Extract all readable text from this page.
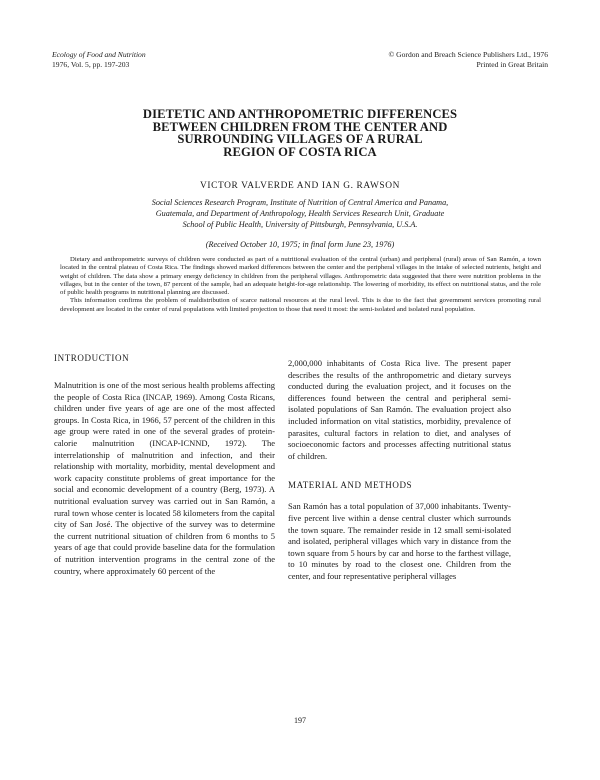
Ecology of Food and Nutrition
1976, Vol. 5, pp. 197-203
© Gordon and Breach Science Publishers Ltd., 1976
Printed in Great Britain
DIETETIC AND ANTHROPOMETRIC DIFFERENCES
BETWEEN CHILDREN FROM THE CENTER AND
SURROUNDING VILLAGES OF A RURAL
REGION OF COSTA RICA
VICTOR VALVERDE AND IAN G. RAWSON
Social Sciences Research Program, Institute of Nutrition of Central America and Panama,
Guatemala, and Department of Anthropology, Health Services Research Unit, Graduate
School of Public Health, University of Pittsburgh, Pennsylvania, U.S.A.
(Received October 10, 1975; in final form June 23, 1976)

Dietary and anthropometric surveys of children were conducted as part of a nutritional evaluation of the central (urban) and peripheral (rural) areas of San Ramón, a town located in the central plateau of Costa Rica. The findings showed marked differences between the center and the peripheral villages in the intake of selected nutrients, height and weight of children. The data show a primary energy deficiency in children from the peripheral villages. Anthropometric data suggested that there were nutrition problems in the villages, but in the center of the town, 87 percent of the sample, had an adequate height-for-age relationship. The lowering of morbidity, its effect on nutritional status, and the role of public health programs in nutritional planning are discussed.

This information confirms the problem of maldistribution of scarce national resources at the rural level. This is due to the fact that government services promoting rural development are located in the center of rural populations with limited projection to those that need it most: the semi-isolated and isolated rural population.

INTRODUCTION

Malnutrition is one of the most serious health problems affecting the people of Costa Rica (INCAP, 1969). Among Costa Ricans, children under five years of age are one of the most affected groups. In Costa Rica, in 1966, 57 percent of the children in this age group were rated in one of the several grades of protein-calorie malnutrition (INCAP-ICNND, 1972). The interrelationship of malnutrition and infection, and their relationship with mortality, morbidity, mental development and work capacity constitute problems of great importance for the social and economic development of a country (Berg, 1973). A nutritional evaluation survey was carried out in San Ramón, a rural town whose center is located 58 kilometers from the capital city of San José. The objective of the survey was to determine the current nutritional situation of children from 6 months to 5 years of age that could provide baseline data for the formulation of nutrition intervention programs in the central zone of the country, where approximately 60 percent of the

2,000,000 inhabitants of Costa Rica live. The present paper describes the results of the anthropometric and dietary surveys conducted during the evaluation project, and it focuses on the differences found between the central and peripheral semi-isolated populations of San Ramón. The evaluation project also included information on vital statistics, morbidity, prevalence of parasites, cultural factors in relation to diet, and analyses of socioeconomic factors and processes affecting nutritional status of children.

MATERIAL AND METHODS

San Ramón has a total population of 37,000 inhabitants. Twenty-five percent live within a dense central cluster which surrounds the town square. The remainder reside in 12 small semi-isolated and isolated, peripheral villages which vary in distance from the town square from 5 hours by car and horse to the farthest village, to 10 minutes by road to the closest one. Children from the center, and four representative peripheral villages

197
